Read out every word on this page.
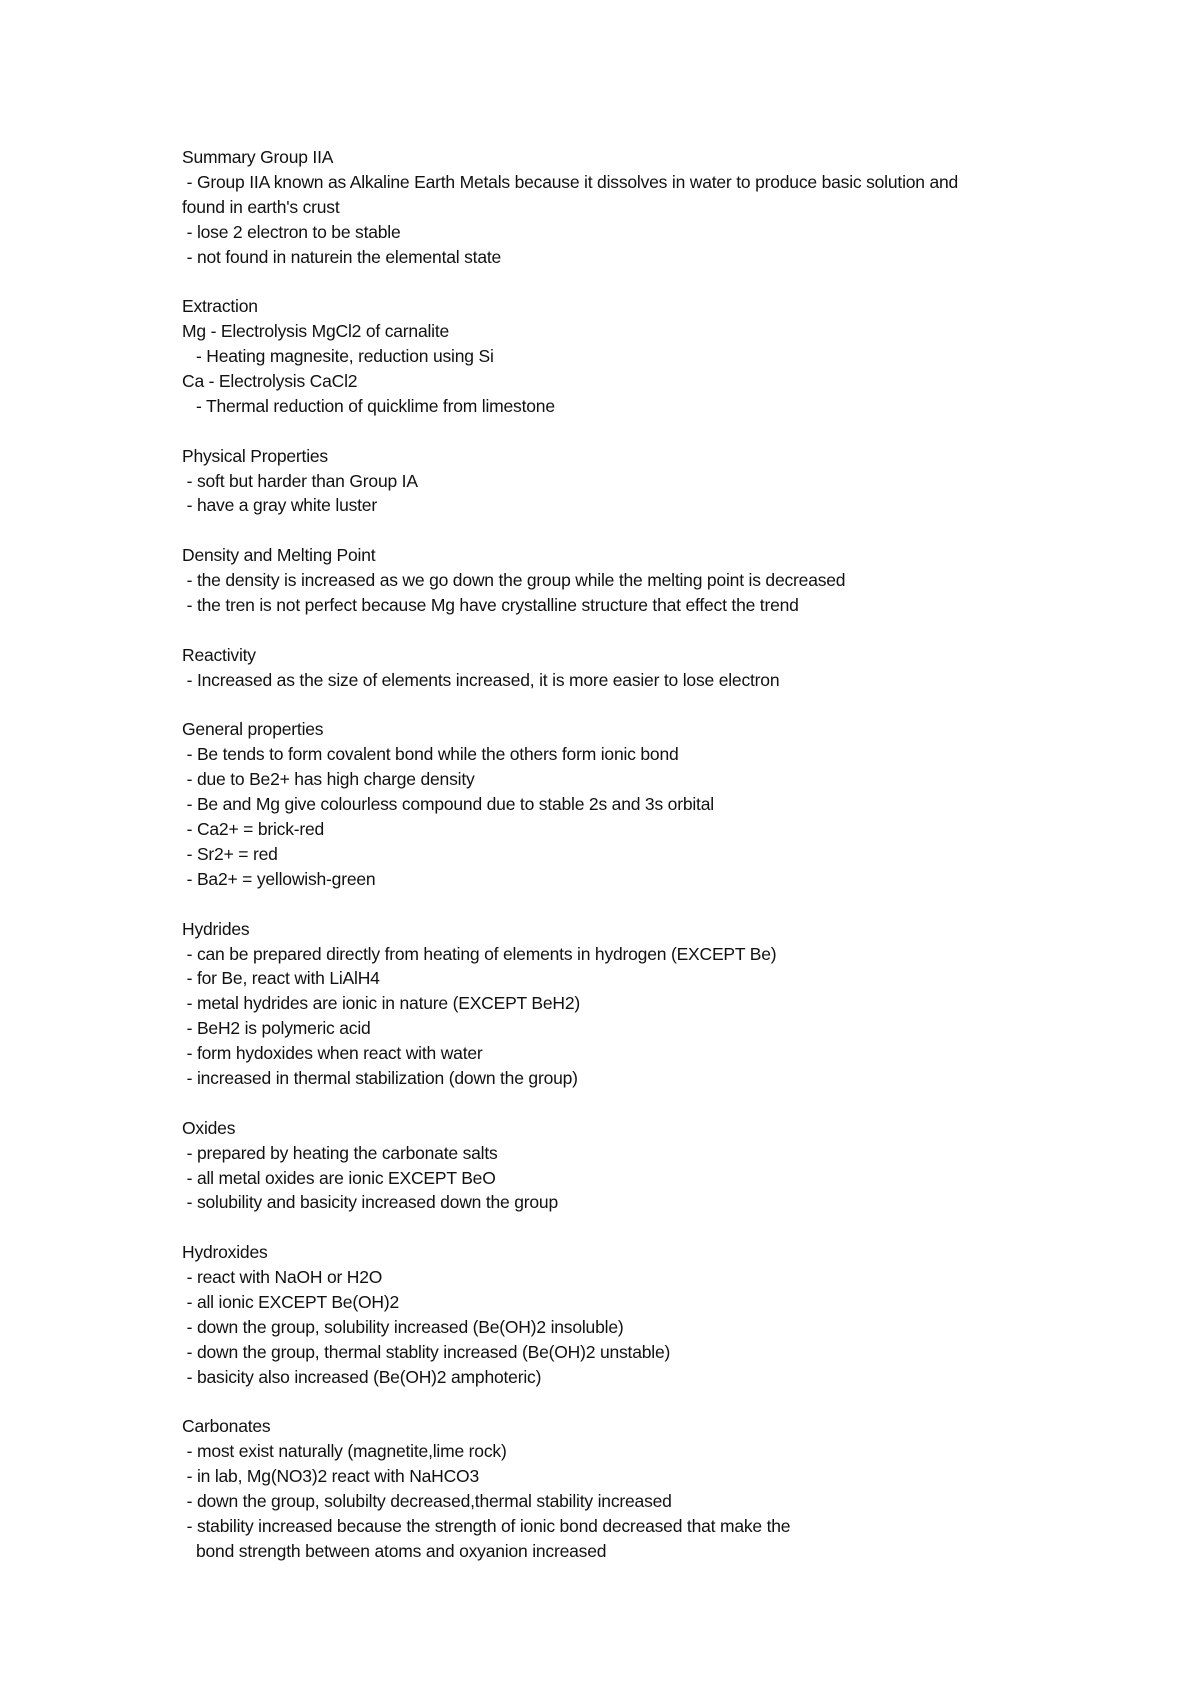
Summary Group IIA
- Group IIA known as Alkaline Earth Metals because it dissolves in water to produce basic solution and
found in earth's crust
- lose 2 electron to be stable
- not found in naturein the elemental state
Extraction
Mg - Electrolysis MgCl2 of carnalite
- Heating magnesite, reduction using Si
Ca - Electrolysis CaCl2
- Thermal reduction of quicklime from limestone
Physical Properties
- soft but harder than Group IA
- have a gray white luster
Density and Melting Point
- the density is increased as we go down the group while the melting point is decreased
- the tren is not perfect because Mg have crystalline structure that effect the trend
Reactivity
- Increased as the size of elements increased, it is more easier to lose electron
General properties
- Be tends to form covalent bond while the others form ionic bond
- due to Be2+ has high charge density
- Be and Mg give colourless compound due to stable 2s and 3s orbital
- Ca2+ = brick-red
- Sr2+ = red
- Ba2+ = yellowish-green
Hydrides
- can be prepared directly from heating of elements in hydrogen (EXCEPT Be)
- for Be, react with LiAlH4
- metal hydrides are ionic in nature (EXCEPT BeH2)
- BeH2 is polymeric acid
- form hydoxides when react with water
- increased in thermal stabilization (down the group)
Oxides
- prepared by heating the carbonate salts
- all metal oxides are ionic EXCEPT BeO
- solubility and basicity increased down the group
Hydroxides
- react with NaOH or H2O
- all ionic EXCEPT Be(OH)2
- down the group, solubility increased (Be(OH)2 insoluble)
- down the group, thermal stablity increased (Be(OH)2 unstable)
- basicity also increased (Be(OH)2 amphoteric)
Carbonates
- most exist naturally (magnetite,lime rock)
- in lab, Mg(NO3)2 react with NaHCO3
- down the group, solubilty decreased,thermal stability increased
- stability increased because the strength of ionic bond decreased that make the
bond strength between atoms and oxyanion increased
